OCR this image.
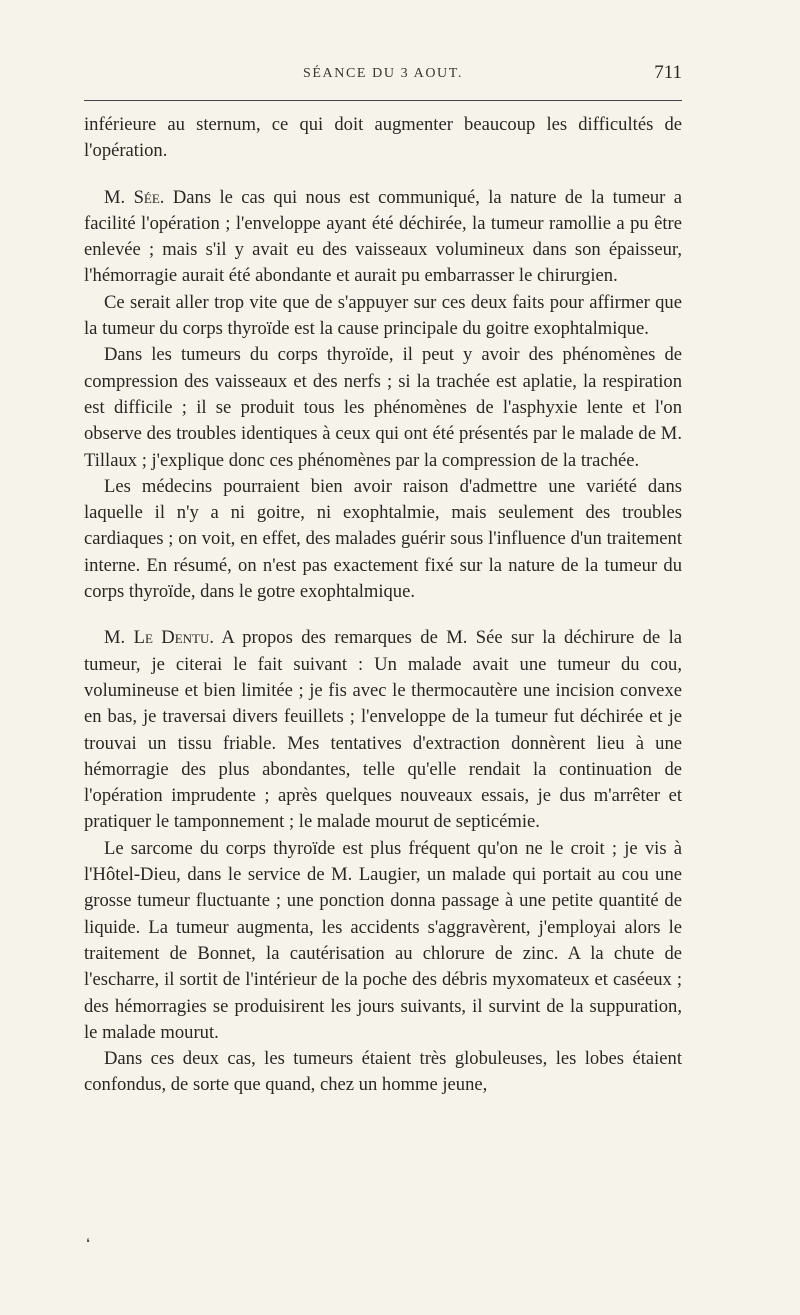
SÉANCE DU 3 AOUT.	711

inférieure au sternum, ce qui doit augmenter beaucoup les difficultés de l'opération.

M. Sée. Dans le cas qui nous est communiqué, la nature de la tumeur a facilité l'opération ; l'enveloppe ayant été déchirée, la tumeur ramollie a pu être enlevée ; mais s'il y avait eu des vaisseaux volumineux dans son épaisseur, l'hémorragie aurait été abondante et aurait pu embarrasser le chirurgien.

Ce serait aller trop vite que de s'appuyer sur ces deux faits pour affirmer que la tumeur du corps thyroïde est la cause principale du goitre exophtalmique.

Dans les tumeurs du corps thyroïde, il peut y avoir des phénomènes de compression des vaisseaux et des nerfs ; si la trachée est aplatie, la respiration est difficile ; il se produit tous les phénomènes de l'asphyxie lente et l'on observe des troubles identiques à ceux qui ont été présentés par le malade de M. Tillaux ; j'explique donc ces phénomènes par la compression de la trachée.

Les médecins pourraient bien avoir raison d'admettre une variété dans laquelle il n'y a ni goitre, ni exophtalmie, mais seulement des troubles cardiaques ; on voit, en effet, des malades guérir sous l'influence d'un traitement interne. En résumé, on n'est pas exactement fixé sur la nature de la tumeur du corps thyroïde, dans le gotre exophtalmique.

M. Le Dentu. A propos des remarques de M. Sée sur la déchirure de la tumeur, je citerai le fait suivant : Un malade avait une tumeur du cou, volumineuse et bien limitée ; je fis avec le thermocautère une incision convexe en bas, je traversai divers feuillets ; l'enveloppe de la tumeur fut déchirée et je trouvai un tissu friable. Mes tentatives d'extraction donnèrent lieu à une hémorragie des plus abondantes, telle qu'elle rendait la continuation de l'opération imprudente ; après quelques nouveaux essais, je dus m'arrêter et pratiquer le tamponnement ; le malade mourut de septicémie.

Le sarcome du corps thyroïde est plus fréquent qu'on ne le croit ; je vis à l'Hôtel-Dieu, dans le service de M. Laugier, un malade qui portait au cou une grosse tumeur fluctuante ; une ponction donna passage à une petite quantité de liquide. La tumeur augmenta, les accidents s'aggravèrent, j'employai alors le traitement de Bonnet, la cautérisation au chlorure de zinc. A la chute de l'escharre, il sortit de l'intérieur de la poche des débris myxomateux et caséeux ; des hémorragies se produisirent les jours suivants, il survint de la suppuration, le malade mourut.

Dans ces deux cas, les tumeurs étaient très globuleuses, les lobes étaient confondus, de sorte que quand, chez un homme jeune,

❛
